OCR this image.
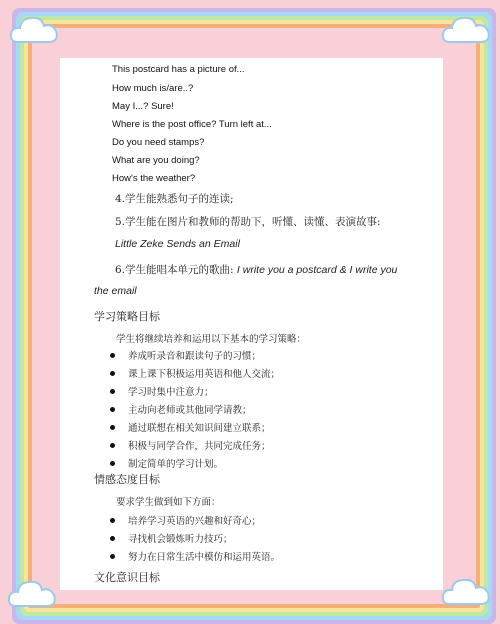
This postcard has a picture of...
How much is/are..?
May I...? Sure!
Where is the post office? Turn left at...
Do you need stamps?
What are you doing?
How's the weather?
4.学生能熟悉句子的连读;
5.学生能在图片和教师的帮助下，听懂、读懂、表演故事:
Little Zeke Sends an Email
6.学生能唱本单元的歌曲: I write you a postcard & I write you
the email
学习策略目标
学生将继续培养和运用以下基本的学习策略：
养成听录音和跟读句子的习惯；
课上课下积极运用英语和他人交流；
学习时集中注意力；
主动向老师或其他同学请教；
通过联想在相关知识间建立联系；
积极与同学合作，共同完成任务；
制定简单的学习计划。
情感态度目标
要求学生做到如下方面：
培养学习英语的兴趣和好奇心；
寻找机会锻炼听力技巧；
努力在日常生活中模仿和运用英语。
文化意识目标
